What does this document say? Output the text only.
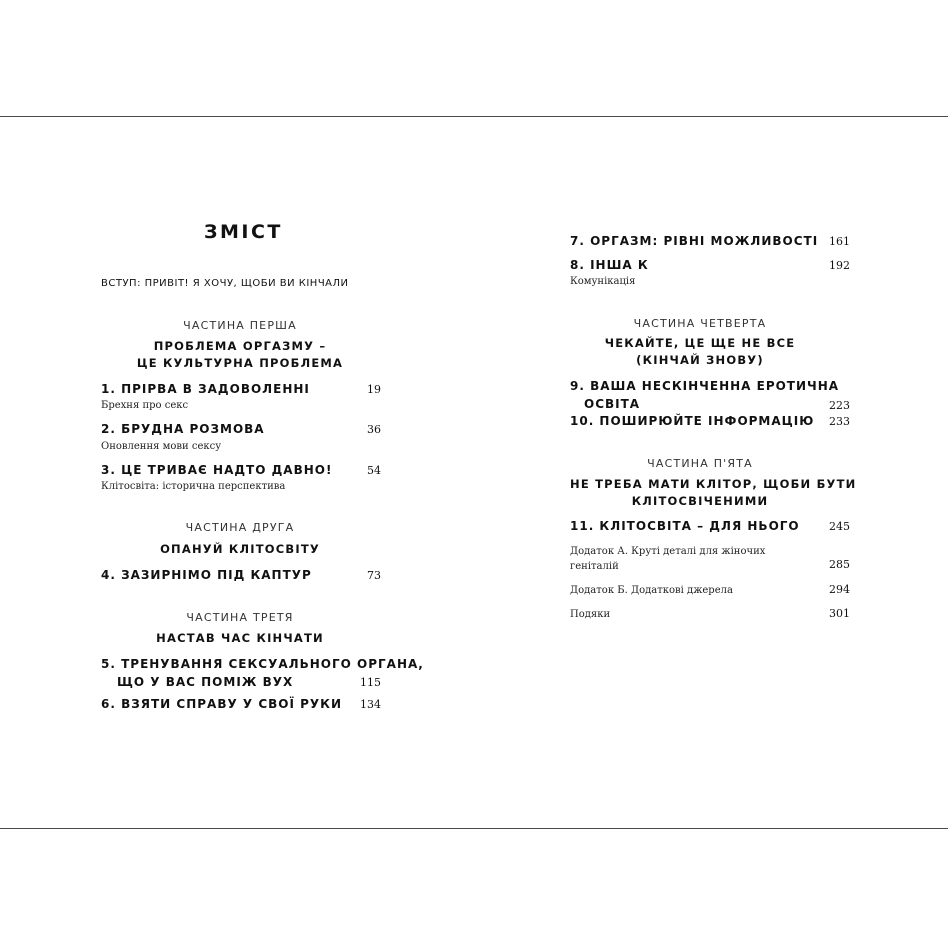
ЗМІСТ
ВСТУП: ПРИВІТ! Я ХОЧУ, ЩОБИ ВИ КІНЧАЛИ
ЧАСТИНА ПЕРША
ПРОБЛЕМА ОРГАЗМУ –
ЦЕ КУЛЬТУРНА ПРОБЛЕМА
1. ПРІРВА В ЗАДОВОЛЕННІ	19
Брехня про секс
2. БРУДНА РОЗМОВА	36
Оновлення мови сексу
3. ЦЕ ТРИВАЄ НАДТО ДАВНО!	54
Клітосвіта: історична перспектива
ЧАСТИНА ДРУГА
ОПАНУЙ КЛІТОСВІТУ
4. ЗАЗИРНІМО ПІД КАПТУР	73
ЧАСТИНА ТРЕТЯ
НАСТАВ ЧАС КІНЧАТИ
5. ТРЕНУВАННЯ СЕКСУАЛЬНОГО ОРГАНА,
ЩО У ВАС ПОМІЖ ВУХ	115
6. ВЗЯТИ СПРАВУ У СВОЇ РУКИ	134
7. ОРГАЗМ: РІВНІ МОЖЛИВОСТІ 161
8. ІНША К	192
Комунікація
ЧАСТИНА ЧЕТВЕРТА
ЧЕКАЙТЕ, ЦЕ ЩЕ НЕ ВСЕ
(КІНЧАЙ ЗНОВУ)
9. ВАША НЕСКІНЧЕННА ЕРОТИЧНА
ОСВІТА	223
10. ПОШИРЮЙТЕ ІНФОРМАЦІЮ	233
ЧАСТИНА П'ЯТА
НЕ ТРЕБА МАТИ КЛІТОР, ЩОБИ БУТИ
КЛІТОСВІЧЕНИМИ
11. КЛІТОСВІТА – ДЛЯ НЬОГО	245
Додаток А. Круті деталі для жіночих
геніталій	285
Додаток Б. Додаткові джерела	294
Подяки	301
